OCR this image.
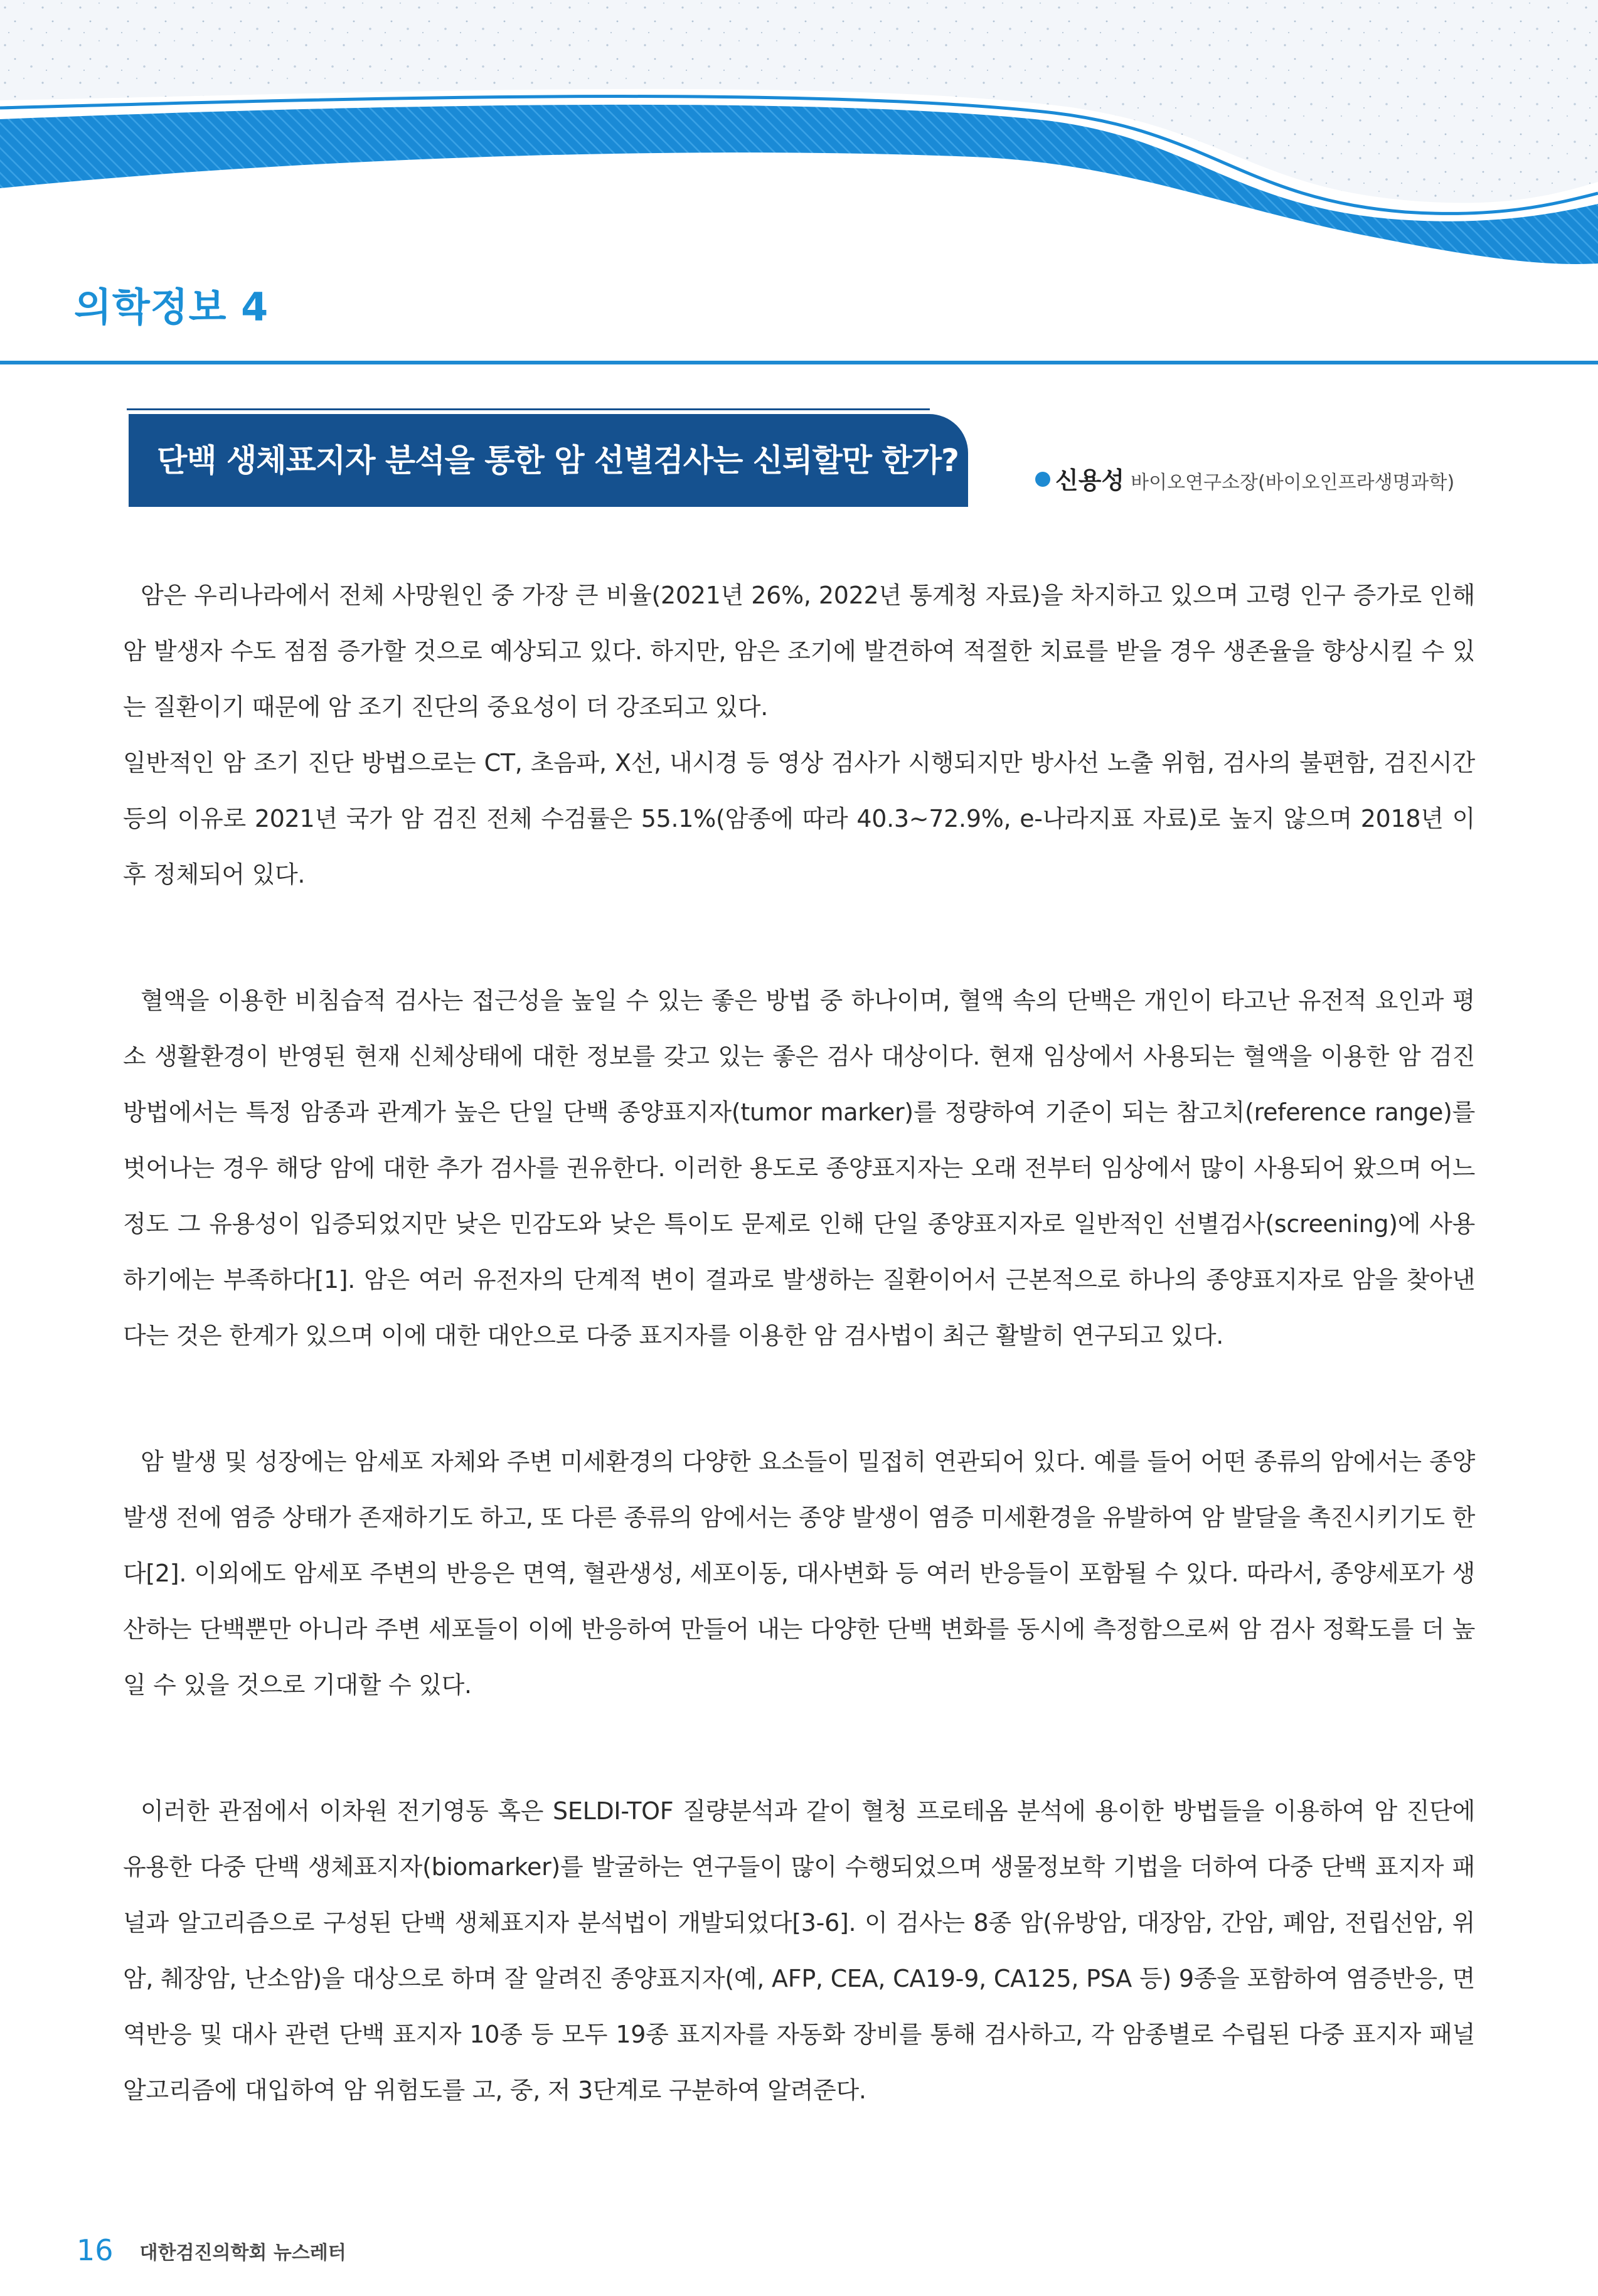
의학정보 4
단백 생체표지자 분석을 통한 암 선별검사는 신뢰할만 한가?
신용성 바이오연구소장(바이오인프라생명과학)

암은 우리나라에서 전체 사망원인 중 가장 큰 비율(2021년 26%, 2022년 통계청 자료)을 차지하고 있으며 고령 인구 증가로 인해 암 발생자 수도 점점 증가할 것으로 예상되고 있다. 하지만, 암은 조기에 발견하여 적절한 치료를 받을 경우 생존율을 향상시킬 수 있는 질환이기 때문에 암 조기 진단의 중요성이 더 강조되고 있다.

일반적인 암 조기 진단 방법으로는 CT, 초음파, X선, 내시경 등 영상 검사가 시행되지만 방사선 노출 위험, 검사의 불편함, 검진시간 등의 이유로 2021년 국가 암 검진 전체 수검률은 55.1%(암종에 따라 40.3~72.9%, e-나라지표 자료)로 높지 않으며 2018년 이후 정체되어 있다.

혈액을 이용한 비침습적 검사는 접근성을 높일 수 있는 좋은 방법 중 하나이며, 혈액 속의 단백은 개인이 타고난 유전적 요인과 평소 생활환경이 반영된 현재 신체상태에 대한 정보를 갖고 있는 좋은 검사 대상이다. 현재 임상에서 사용되는 혈액을 이용한 암 검진 방법에서는 특정 암종과 관계가 높은 단일 단백 종양표지자(tumor marker)를 정량하여 기준이 되는 참고치(reference range)를 벗어나는 경우 해당 암에 대한 추가 검사를 권유한다. 이러한 용도로 종양표지자는 오래 전부터 임상에서 많이 사용되어 왔으며 어느 정도 그 유용성이 입증되었지만 낮은 민감도와 낮은 특이도 문제로 인해 단일 종양표지자로 일반적인 선별검사(screening)에 사용하기에는 부족하다[1]. 암은 여러 유전자의 단계적 변이 결과로 발생하는 질환이어서 근본적으로 하나의 종양표지자로 암을 찾아낸다는 것은 한계가 있으며 이에 대한 대안으로 다중 표지자를 이용한 암 검사법이 최근 활발히 연구되고 있다.

암 발생 및 성장에는 암세포 자체와 주변 미세환경의 다양한 요소들이 밀접히 연관되어 있다. 예를 들어 어떤 종류의 암에서는 종양 발생 전에 염증 상태가 존재하기도 하고, 또 다른 종류의 암에서는 종양 발생이 염증 미세환경을 유발하여 암 발달을 촉진시키기도 한다[2]. 이외에도 암세포 주변의 반응은 면역, 혈관생성, 세포이동, 대사변화 등 여러 반응들이 포함될 수 있다. 따라서, 종양세포가 생산하는 단백뿐만 아니라 주변 세포들이 이에 반응하여 만들어 내는 다양한 단백 변화를 동시에 측정함으로써 암 검사 정확도를 더 높일 수 있을 것으로 기대할 수 있다.

이러한 관점에서 이차원 전기영동 혹은 SELDI-TOF 질량분석과 같이 혈청 프로테옴 분석에 용이한 방법들을 이용하여 암 진단에 유용한 다중 단백 생체표지자(biomarker)를 발굴하는 연구들이 많이 수행되었으며 생물정보학 기법을 더하여 다중 단백 표지자 패널과 알고리즘으로 구성된 단백 생체표지자 분석법이 개발되었다[3-6]. 이 검사는 8종 암(유방암, 대장암, 간암, 폐암, 전립선암, 위암, 췌장암, 난소암)을 대상으로 하며 잘 알려진 종양표지자(예, AFP, CEA, CA19-9, CA125, PSA 등) 9종을 포함하여 염증반응, 면역반응 및 대사 관련 단백 표지자 10종 등 모두 19종 표지자를 자동화 장비를 통해 검사하고, 각 암종별로 수립된 다중 표지자 패널 알고리즘에 대입하여 암 위험도를 고, 중, 저 3단계로 구분하여 알려준다.

16 대한검진의학회 뉴스레터
